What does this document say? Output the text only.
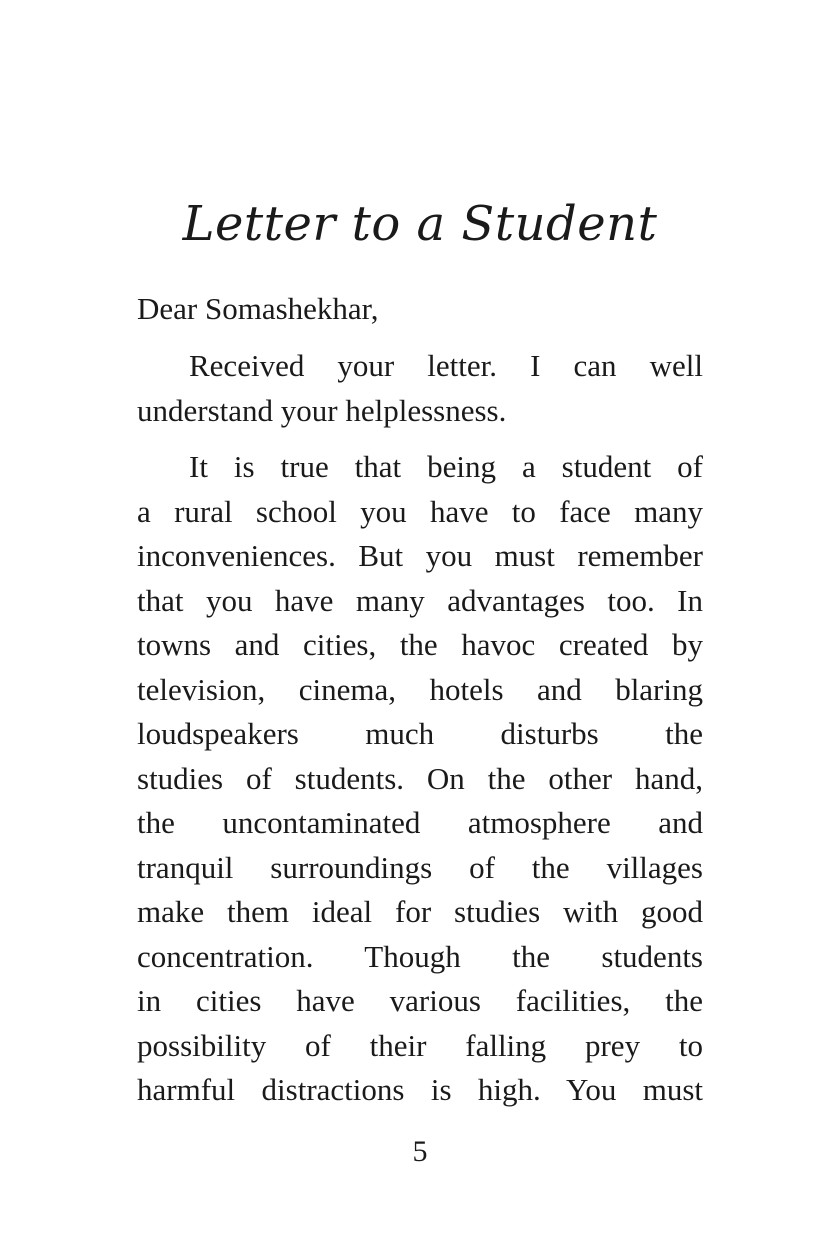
Letter to a Student
Dear Somashekhar,
Received your letter. I can well
understand your helplessness.
It is true that being a student of
a rural school you have to face many
inconveniences. But you must remember
that you have many advantages too. In
towns and cities, the havoc created by
television, cinema, hotels and blaring
loudspeakers much disturbs the
studies of students. On the other hand,
the uncontaminated atmosphere and
tranquil surroundings of the villages
make them ideal for studies with good
concentration. Though the students
in cities have various facilities, the
possibility of their falling prey to
harmful distractions is high. You must
5
